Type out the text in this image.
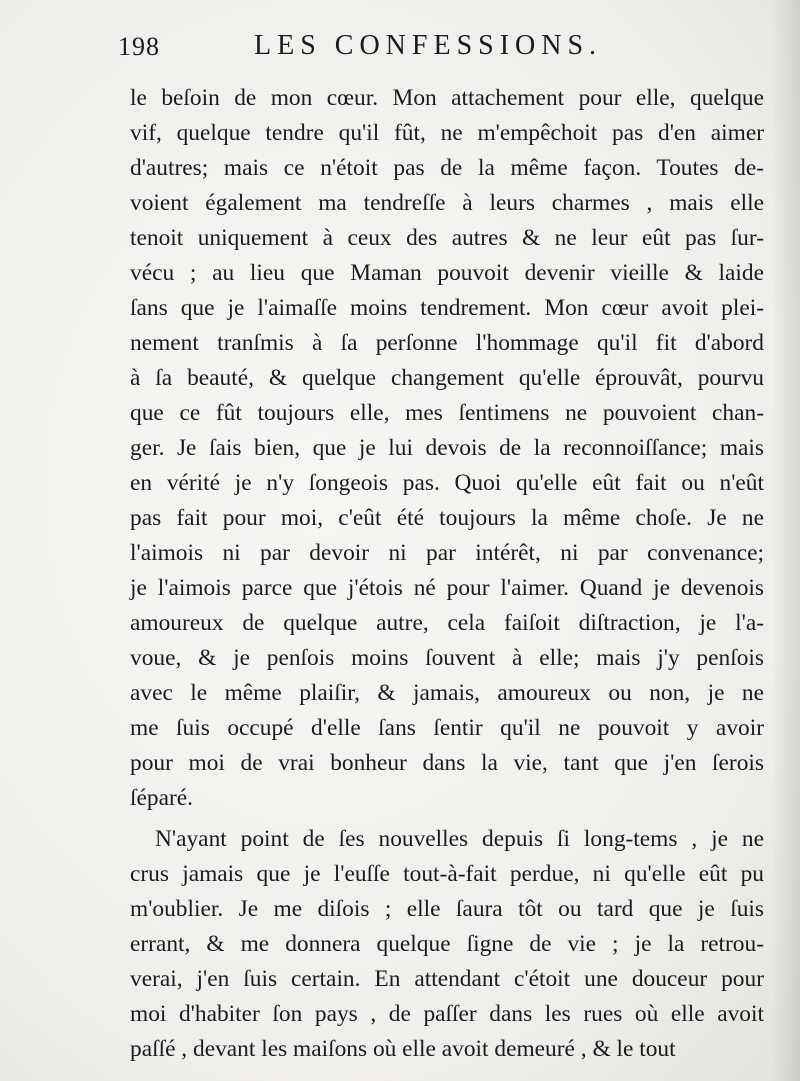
198	LES CONFESSIONS.
le beſoin de mon cœur. Mon attachement pour elle, quelque
vif, quelque tendre qu'il fût, ne m'empêchoit pas d'en aimer
d'autres; mais ce n'étoit pas de la même façon. Toutes de-
voient également ma tendreſſe à leurs charmes , mais elle
tenoit uniquement à ceux des autres & ne leur eût pas ſur-
vécu ; au lieu que Maman pouvoit devenir vieille & laide
ſans que je l'aimaſſe moins tendrement. Mon cœur avoit plei-
nement tranſmis à ſa perſonne l'hommage qu'il fit d'abord
à ſa beauté, & quelque changement qu'elle éprouvât, pourvu
que ce fût toujours elle, mes ſentimens ne pouvoient chan-
ger. Je ſais bien, que je lui devois de la reconnoiſſance; mais
en vérité je n'y ſongeois pas. Quoi qu'elle eût fait ou n'eût
pas fait pour moi, c'eût été toujours la même choſe. Je ne
l'aimois ni par devoir ni par intérêt, ni par convenance;
je l'aimois parce que j'étois né pour l'aimer. Quand je devenois
amoureux de quelque autre, cela faiſoit diſtraction, je l'a-
voue, & je penſois moins ſouvent à elle; mais j'y penſois
avec le même plaiſir, & jamais, amoureux ou non, je ne
me ſuis occupé d'elle ſans ſentir qu'il ne pouvoit y avoir
pour moi de vrai bonheur dans la vie, tant que j'en ſerois
ſéparé.
N'ayant point de ſes nouvelles depuis ſi long-tems , je ne
crus jamais que je l'euſſe tout-à-fait perdue, ni qu'elle eût pu
m'oublier. Je me diſois ; elle ſaura tôt ou tard que je ſuis
errant, & me donnera quelque ſigne de vie ; je la retrou-
verai, j'en ſuis certain. En attendant c'étoit une douceur pour
moi d'habiter ſon pays , de paſſer dans les rues où elle avoit
paſſé , devant les maiſons où elle avoit demeuré , & le tout
